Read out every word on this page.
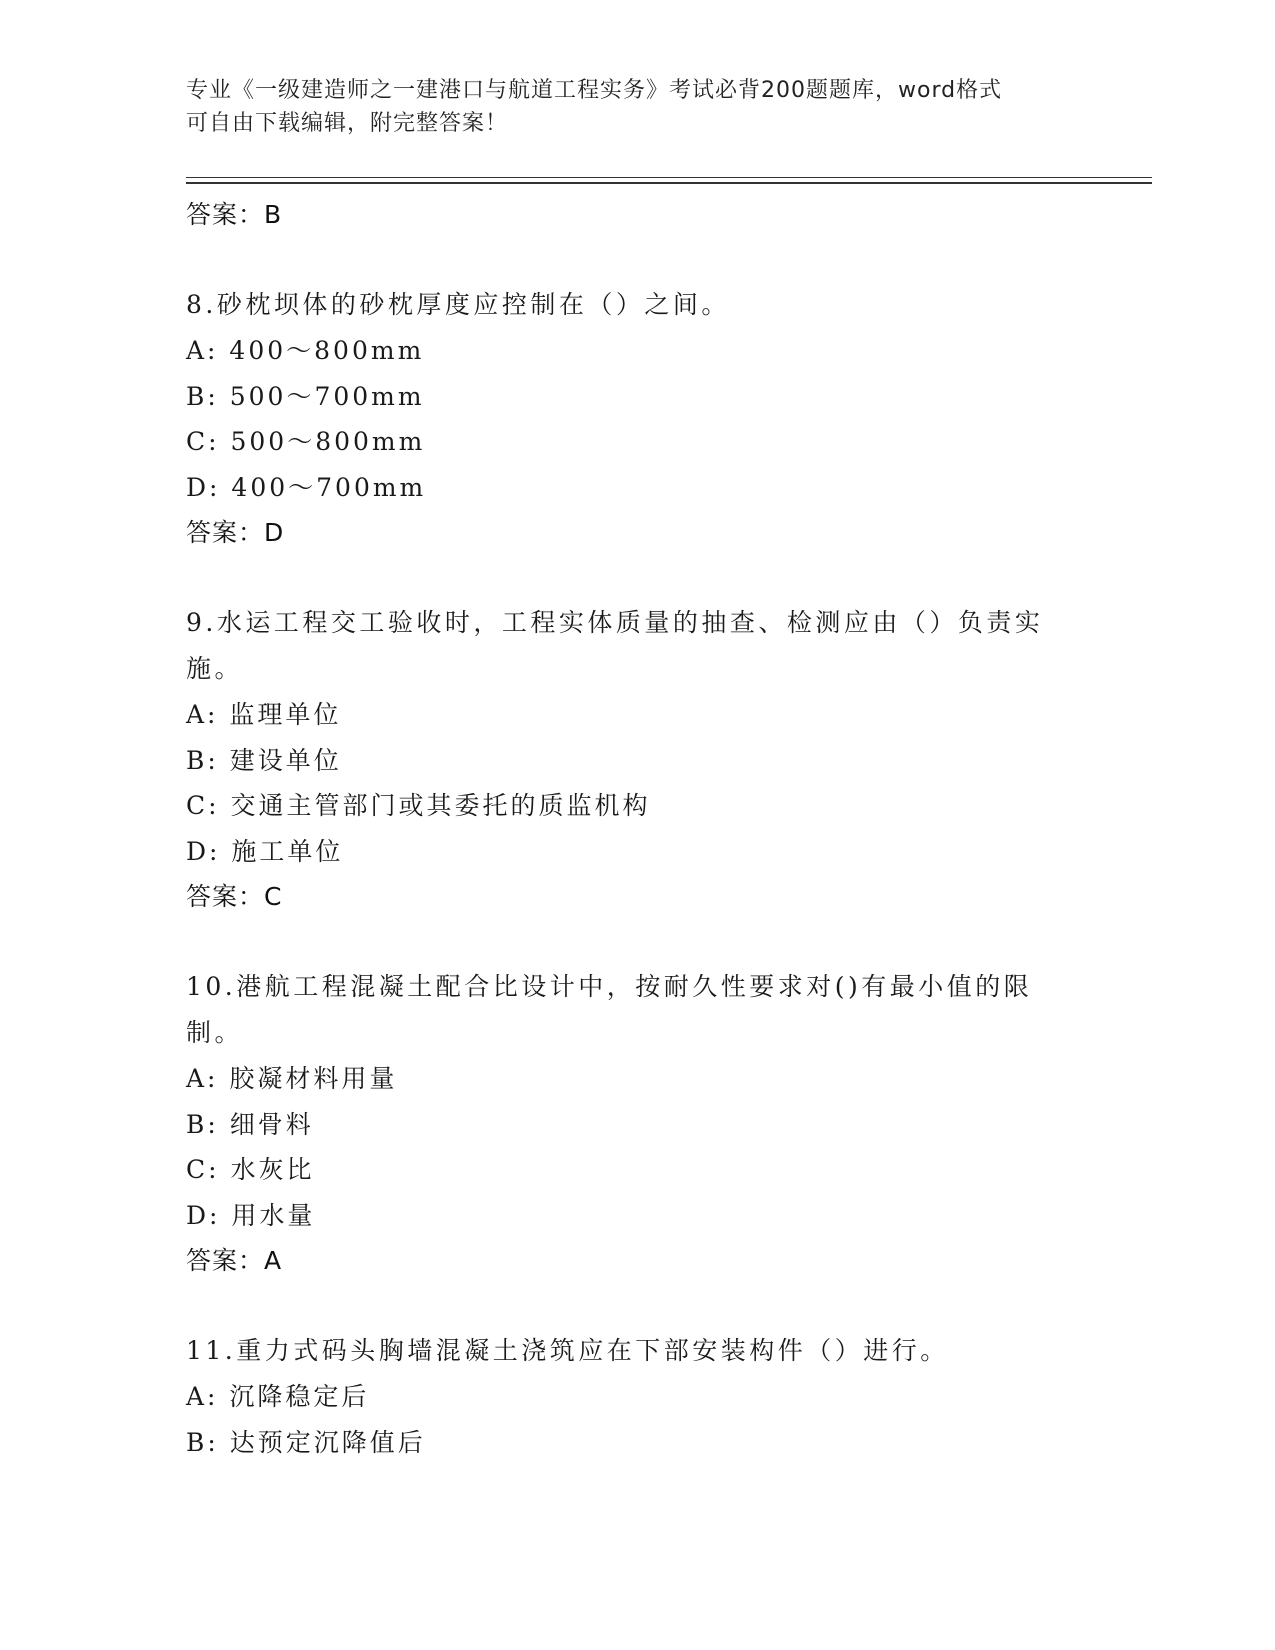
专业《一级建造师之一建港口与航道工程实务》考试必背200题题库，word格式
可自由下载编辑，附完整答案！
答案：B
8.砂枕坝体的砂枕厚度应控制在（）之间。
A: 400～800mm
B: 500～700mm
C: 500～800mm
D: 400～700mm
答案：D
9.水运工程交工验收时，工程实体质量的抽查、检测应由（）负责实施。
A: 监理单位
B: 建设单位
C: 交通主管部门或其委托的质监机构
D: 施工单位
答案：C
10.港航工程混凝土配合比设计中，按耐久性要求对()有最小值的限制。
A: 胶凝材料用量
B: 细骨料
C: 水灰比
D: 用水量
答案：A
11.重力式码头胸墙混凝土浇筑应在下部安装构件（）进行。
A: 沉降稳定后
B: 达预定沉降值后
